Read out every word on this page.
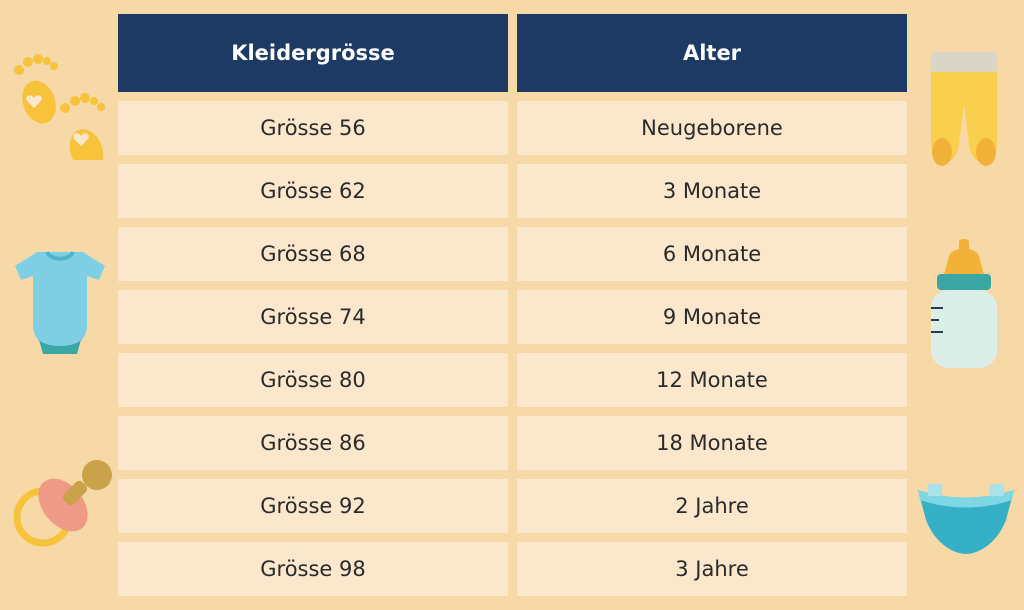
Kleidergrösse	Alter
Grösse 56	Neugeborene
Grösse 62	3 Monate
Grösse 68	6 Monate
Grösse 74	9 Monate
Grösse 80	12 Monate
Grösse 86	18 Monate
Grösse 92	2 Jahre
Grösse 98	3 Jahre
